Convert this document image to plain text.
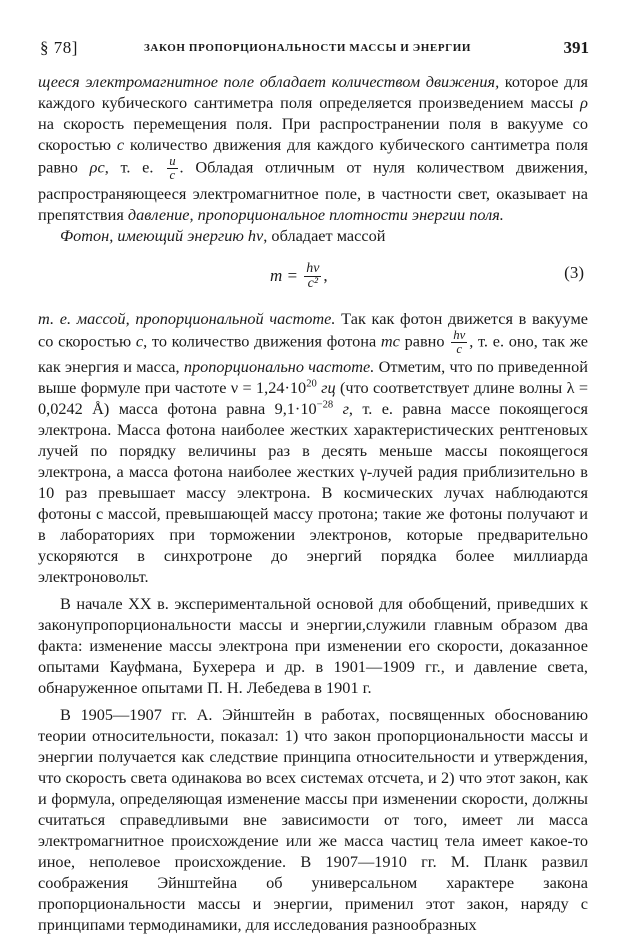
§ 78]	ЗАКОН ПРОПОРЦИОНАЛЬНОСТИ МАССЫ И ЭНЕРГИИ	391

щееся электромагнитное поле обладает количеством движения, которое для каждого кубического сантиметра поля определяется произведением массы ρ на скорость перемещения поля. При распространении поля в вакууме со скоростью c количество движения для каждого кубического сантиметра поля равно ρc, т. е. $\frac{u}{c}$ . Обладая отличным от нуля количеством движения, распространяющееся электромагнитное поле, в частности свет, оказывает на препятствия давление, пропорциональное плотности энергии поля.

Фотон, имеющий энергию hν, обладает массой

$m = \frac{h\nu}{\text{c²}}$ ,	(3)

т. е. массой, пропорциональной частоте. Так как фотон движется в вакууме со скоростью c, то количество движения фотона mc равно $\frac{h\nu}{c}$ , т. е. оно, так же как энергия и масса, пропорционально частоте. Отметим, что по приведенной выше формуле при частоте $\nu = 1,24\cdot 10^{20}$ гц (что соответствует длине волны λ = 0,0242 Å) масса фотона равна $9,1\cdot 10^{-28}$ г, т. е. равна массе покоящегося электрона. Масса фотона наиболее жестких характеристических рентгеновых лучей по порядку величины раз в десять меньше массы покоящегося электрона, а масса фотона наиболее жестких γ-лучей радия приблизительно в 10 раз превышает массу электрона. В космических лучах наблюдаются фотоны с массой, превышающей массу протона; такие же фотоны получают и в лабораториях при торможении электронов, которые предварительно ускоряются в синхротроне до энергий порядка более миллиарда электроновольт.

В начале XX в. экспериментальной основой для обобщений, приведших к законупропорциональности массы и энергии,служили главным образом два факта: изменение массы электрона при изменении его скорости, доказанное опытами Кауфмана, Бухерера и др. в 1901—1909 гг., и давление света, обнаруженное опытами П. Н. Лебедева в 1901 г.

В 1905—1907 гг. А. Эйнштейн в работах, посвященных обоснованию теории относительности, показал: 1) что закон пропорциональности массы и энергии получается как следствие принципа относительности и утверждения, что скорость света одинакова во всех системах отсчета, и 2) что этот закон, как и формула, определяющая изменение массы при изменении скорости, должны считаться справедливыми вне зависимости от того, имеет ли масса электромагнитное происхождение или же масса частиц тела имеет какое-то иное, неполевое происхождение. В 1907—1910 гг. М. Планк развил соображения Эйнштейна об универсальном характере закона пропорциональности массы и энергии, применил этот закон, наряду с принципами термодинамики, для исследования разнообразных
